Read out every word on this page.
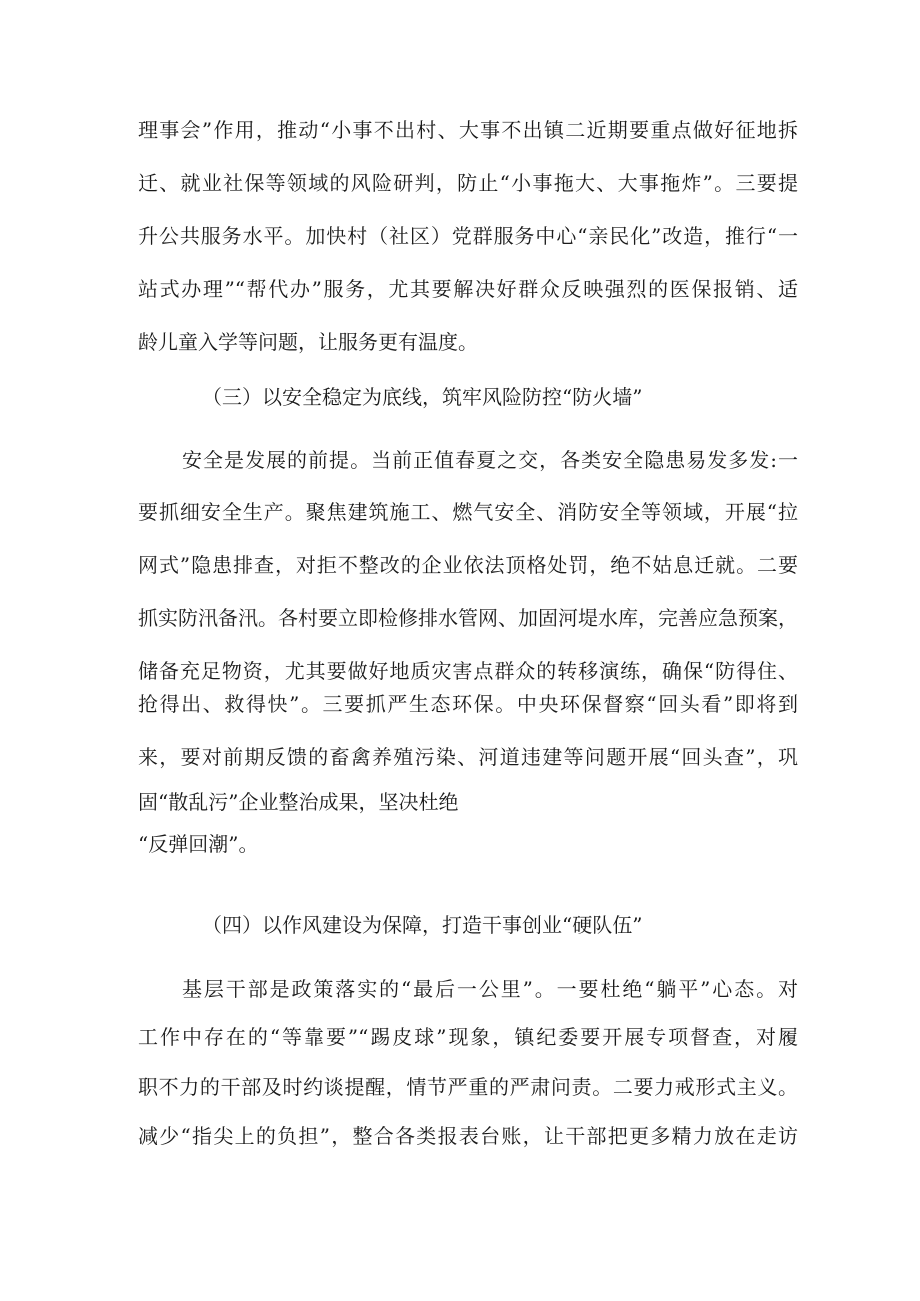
理事会”作用，推动“小事不出村、大事不出镇二近期要重点做好征地拆
迁、就业社保等领域的风险研判，防止“小事拖大、大事拖炸”。三要提
升公共服务水平。加快村（社区）党群服务中心“亲民化”改造，推行“一
站式办理”“帮代办”服务，尤其要解决好群众反映强烈的医保报销、适
龄儿童入学等问题，让服务更有温度。
（三）以安全稳定为底线，筑牢风险防控“防火墙”
安全是发展的前提。当前正值春夏之交，各类安全隐患易发多发:一
要抓细安全生产。聚焦建筑施工、燃气安全、消防安全等领域，开展“拉
网式”隐患排查，对拒不整改的企业依法顶格处罚，绝不姑息迁就。二要
抓实防汛备汛。各村要立即检修排水管网、加固河堤水库，完善应急预案，
储备充足物资，尤其要做好地质灾害点群众的转移演练，确保“防得住、
抢得出、救得快”。三要抓严生态环保。中央环保督察“回头看”即将到
来，要对前期反馈的畜禽养殖污染、河道违建等问题开展“回头查”，巩
固“散乱污”企业整治成果，坚决杜绝
“反弹回潮”。
（四）以作风建设为保障，打造干事创业“硬队伍”
基层干部是政策落实的“最后一公里”。一要杜绝“躺平”心态。对
工作中存在的“等靠要”“踢皮球”现象，镇纪委要开展专项督查，对履
职不力的干部及时约谈提醒，情节严重的严肃问责。二要力戒形式主义。
减少“指尖上的负担”，整合各类报表台账，让干部把更多精力放在走访
